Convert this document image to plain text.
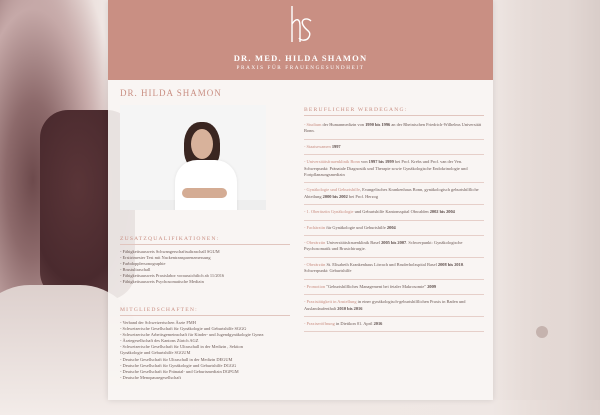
DR. MED. HILDA SHAMON
PRAXIS FÜR FRAUENGESUNDHEIT
DR. HILDA SHAMON
ZUSATZQUALIFIKATIONEN:
- Fähigkeitsausweis Schwangerschaftsultraschall SGUM
- Ersttrimester Test mit Nackentransparenzmessung
- Farbdopplersonographie
- Brustultraschall
- Fähigkeitsausweis Praxislabor voraussichtlich ab 11/2016
- Fähigkeitsausweis Psychosomatische Medizin
MITGLIEDSCHAFTEN:
- Verband der Schweizerischen Ärzte FMH
- Schweizerische Gesellschaft für Gynäkologie und Geburtshilfe SGGG
- Schweizerische Arbeitsgemeinschaft für Kinder- und Jugendgynäkologie Gynea
- Ärztegesellschaft des Kantons Zürich AGZ
- Schweizerische Gesellschaft für Ultraschall in der Medizin , Sektion
Gynäkologie und Geburtshilfe SGGUM
- Deutsche Gesellschaft für Ultraschall in der Medizin DEGUM
- Deutsche Gesellschaft für Gynäkologie und Geburtshilfe DGGG
- Deutsche Gesellschaft für Pränatal- und Geburtsmedizin DGPGM
- Deutsche Menopausegesellschaft
BERUFLICHER WERDEGANG:
- Studium der Humanmedizin von 1990 bis 1996 an der Rheinischen Friedrich-Wilhelms Universität Bonn.
- Staatsexamen 1997
- Universitätsfrauenklinik Bonn von 1997 bis 1999 bei Prof. Krebs und Prof. van der Ven. Schwerpunkt: Pränatale Diagnostik und Therapie sowie Gynäkologische Endokrinologie und Fortpflanzungsmedizin
- Gynäkologie und Geburtshilfe, Evangelisches Krankenhaus Bonn, gynäkologisch geburtshilfliche Abteilung 2000 bis 2002 bei Prof. Herzog
- 1. Oberärztin Gynäkologie und Geburtshilfe Kantonsspital Obwalden 2002 bis 2004
- Fachärztin für Gynäkologie und Geburtshilfe 2004
- Oberärztin Universitätsfrauenklinik Basel 2005 bis 2007. Schwerpunkt: Gynäkologische Psychosomatik und Brustchirurgie.
- Oberärztin St. Elisabeth Krankenhaus Lörrach und Bruderholzspital Basel 2008 bis 2010. Schwerpunkt: Geburtshilfe
- Promotion "Geburtshilfliches Management bei fetaler Makrosomie" 2009
- Praxistätigkeit in Anstellung in einer gynäkologisch-geburtshilflichen Praxis in Baden und Auslandaufenthalt 2010 bis 2016
- Praxiseröffnung in Dietikon 01. April 2016
